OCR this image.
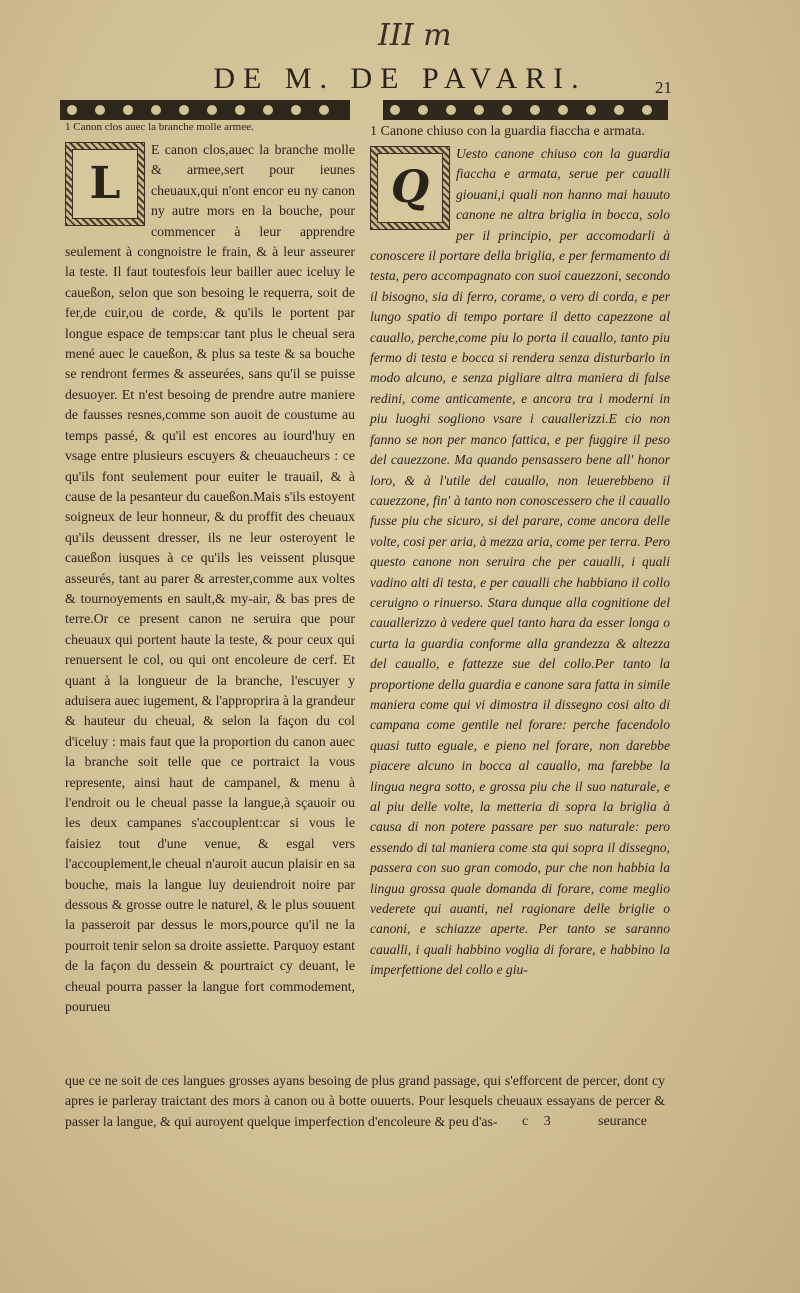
III m
DE M. DE PAVARI.	21
1 Canon clos auec la branche molle armee.
L

E canon clos,auec la branche molle & armee,sert pour ieunes cheuaux,qui n'ont encor eu ny canon ny autre mors en la bouche, pour commencer à leur apprendre seulement à congnoistre le frain, & à leur asseurer la teste. Il faut toutesfois leur bailler auec iceluy le caueßon, selon que son besoing le requerra, soit de fer,de cuir,ou de corde, & qu'ils le portent par longue espace de temps:car tant plus le cheual sera mené auec le caueßon, & plus sa teste & sa bouche se rendront fermes & asseurées, sans qu'il se puisse desuoyer. Et n'est besoing de prendre autre maniere de fausses resnes,comme son auoit de coustume au temps passé, & qu'il est encores au iourd'huy en vsage entre plusieurs escuyers & cheuaucheurs : ce qu'ils font seulement pour euiter le trauail, & à cause de la pesanteur du caueßon.Mais s'ils estoyent soigneux de leur honneur, & du proffit des cheuaux qu'ils deussent dresser, ils ne leur osteroyent le caueßon iusques à ce qu'ils les veissent plusque asseurés, tant au parer & arrester,comme aux voltes & tournoyements en sault,& my-air, & bas pres de terre.Or ce present canon ne seruira que pour cheuaux qui portent haute la teste, & pour ceux qui renuersent le col, ou qui ont encoleure de cerf. Et quant à la longueur de la branche, l'escuyer y aduisera auec iugement, & l'approprira à la grandeur & hauteur du cheual, & selon la façon du col d'iceluy : mais faut que la proportion du canon auec la branche soit telle que ce portraict la vous represente, ainsi haut de campanel, & menu à l'endroit ou le cheual passe la langue,à sçauoir ou les deux campanes s'accouplent:car si vous le faisiez tout d'une venue, & esgal vers l'accouplement,le cheual n'auroit aucun plaisir en sa bouche, mais la langue luy deuiendroit noire par dessous & grosse outre le naturel, & le plus souuent la passeroit par dessus le mors,pource qu'il ne la pourroit tenir selon sa droite assiette. Parquoy estant de la façon du dessein & pourtraict cy deuant, le cheual pourra passer la langue fort commodement, pourueu

1 Canone chiuso con la guardia fiaccha e armata.
Q

Uesto canone chiuso con la guardia fiaccha e armata, serue per caualli giouani,i quali non hanno mai hauuto canone ne altra briglia in bocca, solo per il principio, per accomodarli à conoscere il portare della briglia, e per fermamento di testa, pero accompagnato con suoi cauezzoni, secondo il bisogno, sia di ferro, corame, o vero di corda, e per lungo spatio di tempo portare il detto capezzone al cauallo, perche,come piu lo porta il cauallo, tanto piu fermo di testa e bocca si rendera senza disturbarlo in modo alcuno, e senza pigliare altra maniera di false redini, come anticamente, e ancora tra i moderni in piu luoghi sogliono vsare i cauallerizzi.E cio non fanno se non per manco fattica, e per fuggire il peso del cauezzone. Ma quando pensassero bene all' honor loro, & à l'utile del cauallo, non leuerebbeno il cauezzone, fin' à tanto non conoscessero che il cauallo fusse piu che sicuro, si del parare, come ancora delle volte, cosi per aria, à mezza aria, come per terra. Pero questo canone non seruira che per caualli, i quali vadino alti di testa, e per caualli che habbiano il collo ceruigno o rinuerso. Stara dunque alla cognitione del cauallerizzo à vedere quel tanto hara da esser longa o curta la guardia conforme alla grandezza & altezza del cauallo, e fattezze sue del collo.Per tanto la proportione della guardia e canone sara fatta in simile maniera come qui vi dimostra il dissegno cosi alto di campana come gentile nel forare: perche facendolo quasi tutto eguale, e pieno nel forare, non darebbe piacere alcuno in bocca al cauallo, ma farebbe la lingua negra sotto, e grossa piu che il suo naturale, e al piu delle volte, la metteria di sopra la briglia à causa di non potere passare per suo naturale: pero essendo di tal maniera come sta qui sopra il dissegno, passera con suo gran comodo, pur che non habbia la lingua grossa quale domanda di forare, come meglio vederete qui auanti, nel ragionare delle briglie o canoni, e schiazze aperte. Per tanto se saranno caualli, i quali habbino voglia di forare, e habbino la imperfettione del collo e giu-

que ce ne soit de ces langues grosses ayans besoing de plus grand passage, qui s'efforcent de percer, dont cy apres ie parleray traictant des mors à canon ou à botte ouuerts. Pour lesquels cheuaux essayans de percer & passer la langue, & qui auroyent quelque imperfection d'encoleure & peu d'as-	c 3	seurance
